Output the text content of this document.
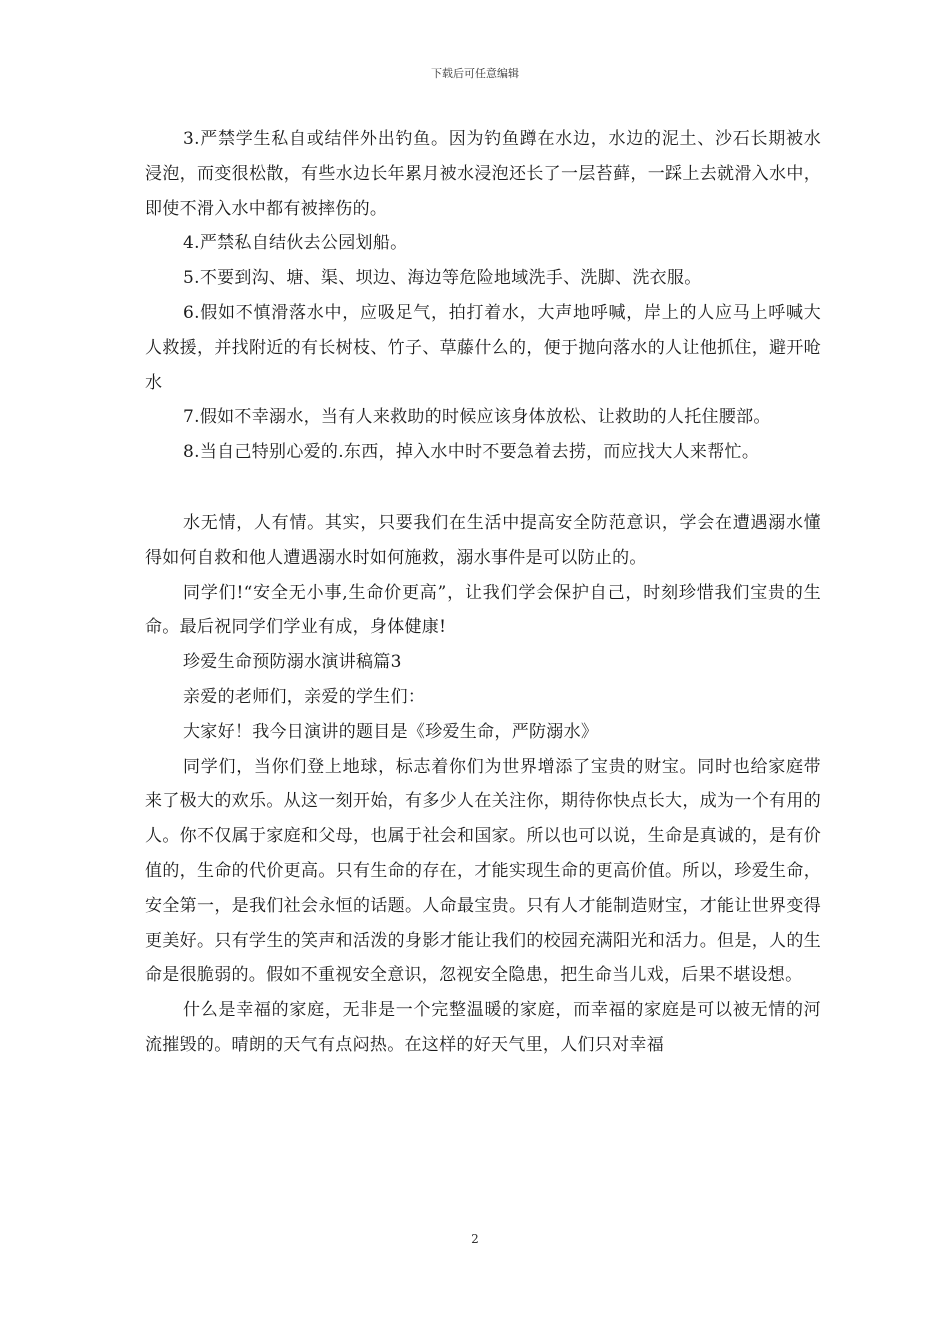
下载后可任意编辑

3.严禁学生私自或结伴外出钓鱼。因为钓鱼蹲在水边，水边的泥土、沙石长期被水浸泡，而变很松散，有些水边长年累月被水浸泡还长了一层苔藓，一踩上去就滑入水中，即使不滑入水中都有被摔伤的。

4.严禁私自结伙去公园划船。

5.不要到沟、塘、渠、坝边、海边等危险地域洗手、洗脚、洗衣服。

6.假如不慎滑落水中，应吸足气，拍打着水，大声地呼喊，岸上的人应马上呼喊大人救援，并找附近的有长树枝、竹子、草藤什么的，便于抛向落水的人让他抓住，避开呛水

7.假如不幸溺水，当有人来救助的时候应该身体放松、让救助的人托住腰部。

8.当自己特别心爱的.东西，掉入水中时不要急着去捞，而应找大人来帮忙。

水无情，人有情。其实，只要我们在生活中提高安全防范意识，学会在遭遇溺水懂得如何自救和他人遭遇溺水时如何施救，溺水事件是可以防止的。

同学们!“安全无小事,生命价更高”，让我们学会保护自己，时刻珍惜我们宝贵的生命。最后祝同学们学业有成，身体健康!

珍爱生命预防溺水演讲稿篇3

亲爱的老师们，亲爱的学生们：

大家好！我今日演讲的题目是《珍爱生命，严防溺水》

同学们，当你们登上地球，标志着你们为世界增添了宝贵的财宝。同时也给家庭带来了极大的欢乐。从这一刻开始，有多少人在关注你，期待你快点长大，成为一个有用的人。你不仅属于家庭和父母，也属于社会和国家。所以也可以说，生命是真诚的，是有价值的，生命的代价更高。只有生命的存在，才能实现生命的更高价值。所以，珍爱生命，安全第一，是我们社会永恒的话题。人命最宝贵。只有人才能制造财宝，才能让世界变得更美好。只有学生的笑声和活泼的身影才能让我们的校园充满阳光和活力。但是，人的生命是很脆弱的。假如不重视安全意识，忽视安全隐患，把生命当儿戏，后果不堪设想。

什么是幸福的家庭，无非是一个完整温暖的家庭，而幸福的家庭是可以被无情的河流摧毁的。晴朗的天气有点闷热。在这样的好天气里，人们只对幸福

2
